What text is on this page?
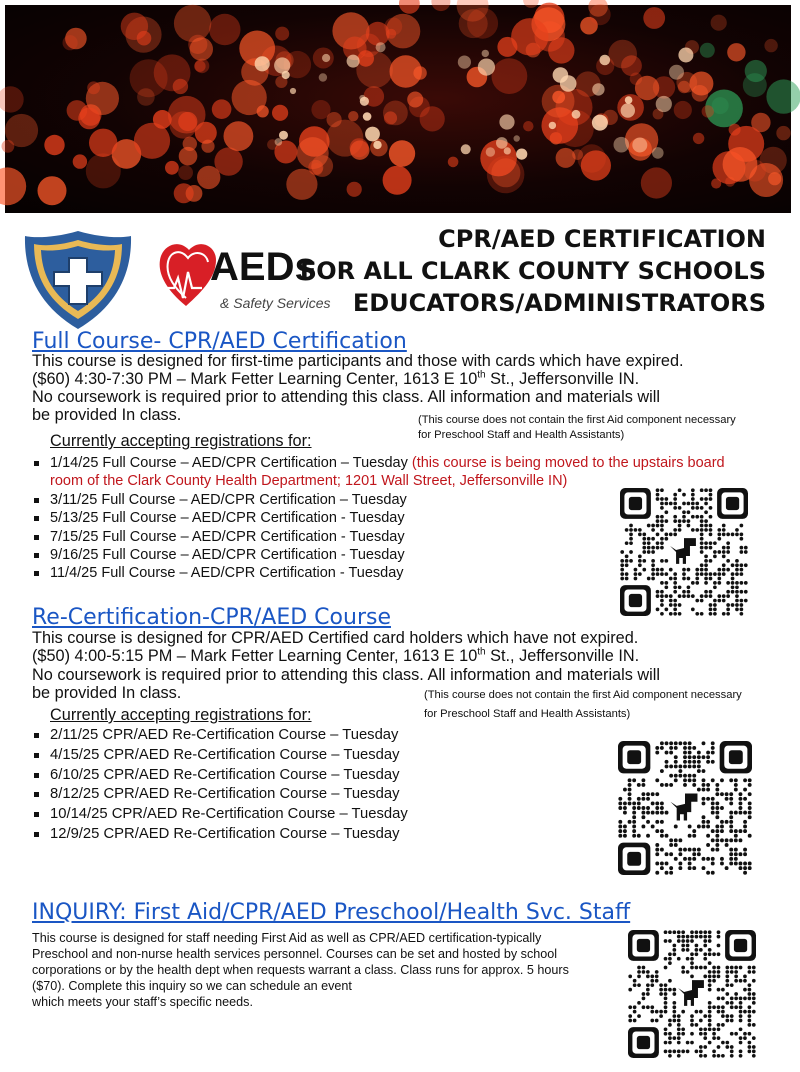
AEDs
& Safety Services
CPR/AED CERTIFICATION
FOR ALL CLARK COUNTY SCHOOLS
EDUCATORS/ADMINISTRATORS
Full Course- CPR/AED Certification
This course is designed for first-time participants and those with cards which have expired.
($60) 4:30-7:30 PM – Mark Fetter Learning Center, 1613 E 10th St., Jeffersonville IN.
No coursework is required prior to attending this class. All information and materials will
be provided In class.	(This course does not contain the first Aid component necessary
for Preschool Staff and Health Assistants)
Currently accepting registrations for:
1/14/25 Full Course – AED/CPR Certification – Tuesday (this course is being moved to the upstairs board
room of the Clark County Health Department; 1201 Wall Street, Jeffersonville IN)
3/11/25 Full Course – AED/CPR Certification – Tuesday
5/13/25 Full Course – AED/CPR Certification - Tuesday
7/15/25 Full Course – AED/CPR Certification - Tuesday
9/16/25 Full Course – AED/CPR Certification - Tuesday
11/4/25 Full Course – AED/CPR Certification - Tuesday
Re-Certification-CPR/AED Course
This course is designed for CPR/AED Certified card holders which have not expired.
($50) 4:00-5:15 PM – Mark Fetter Learning Center, 1613 E 10th St., Jeffersonville IN.
No coursework is required prior to attending this class. All information and materials will
be provided In class.	(This course does not contain the first Aid component necessary
for Preschool Staff and Health Assistants)
Currently accepting registrations for:
2/11/25 CPR/AED Re-Certification Course – Tuesday
4/15/25 CPR/AED Re-Certification Course – Tuesday
6/10/25 CPR/AED Re-Certification Course – Tuesday
8/12/25 CPR/AED Re-Certification Course – Tuesday
10/14/25 CPR/AED Re-Certification Course – Tuesday
12/9/25 CPR/AED Re-Certification Course – Tuesday
INQUIRY: First Aid/CPR/AED Preschool/Health Svc. Staff
This course is designed for staff needing First Aid as well as CPR/AED certification-typically
Preschool and non-nurse health services personnel. Courses can be set and hosted by school
corporations or by the health dept when requests warrant a class. Class runs for approx. 5 hours
($70). Complete this inquiry so we can schedule an event
which meets your staff’s specific needs.
